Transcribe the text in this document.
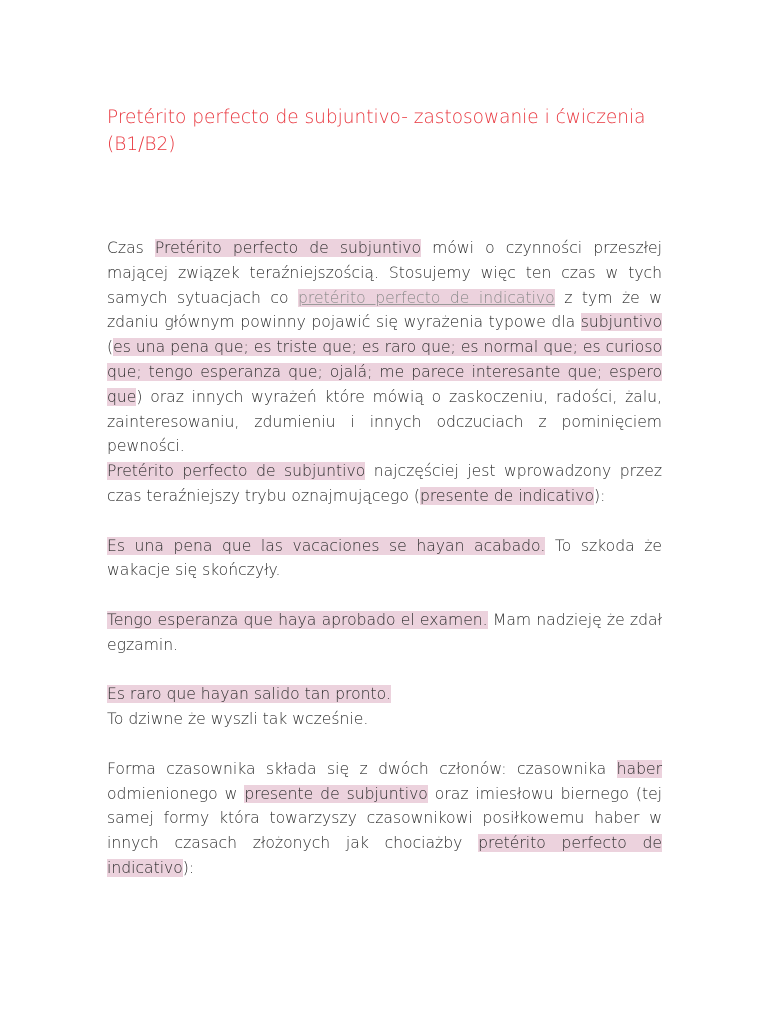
Pretérito perfecto de subjuntivo- zastosowanie i ćwiczenia (B1/B2)

Czas Pretérito perfecto de subjuntivo mówi o czynności przeszłej mającej związek teraźniejszością. Stosujemy więc ten czas w tych samych sytuacjach co pretérito perfecto de indicativo z tym że w zdaniu głównym powinny pojawić się wyrażenia typowe dla subjuntivo (es una pena que; es triste que; es raro que; es normal que; es curioso que; tengo esperanza que; ojalá; me parece interesante que; espero que) oraz innych wyrażeń które mówią o zaskoczeniu, radości, żalu, zainteresowaniu, zdumieniu i innych odczuciach z pominięciem pewności.

Pretérito perfecto de subjuntivo najczęściej jest wprowadzony przez czas teraźniejszy trybu oznajmującego (presente de indicativo):

Es una pena que las vacaciones se hayan acabado. To szkoda że wakacje się skończyły.

Tengo esperanza que haya aprobado el examen. Mam nadzieję że zdał egzamin.

Es raro que hayan salido tan pronto.
To dziwne że wyszli tak wcześnie.

Forma czasownika składa się z dwóch członów: czasownika haber odmienionego w presente de subjuntivo oraz imiesłowu biernego (tej samej formy która towarzyszy czasownikowi posiłkowemu haber w innych czasach złożonych jak chociażby pretérito perfecto de indicativo):
